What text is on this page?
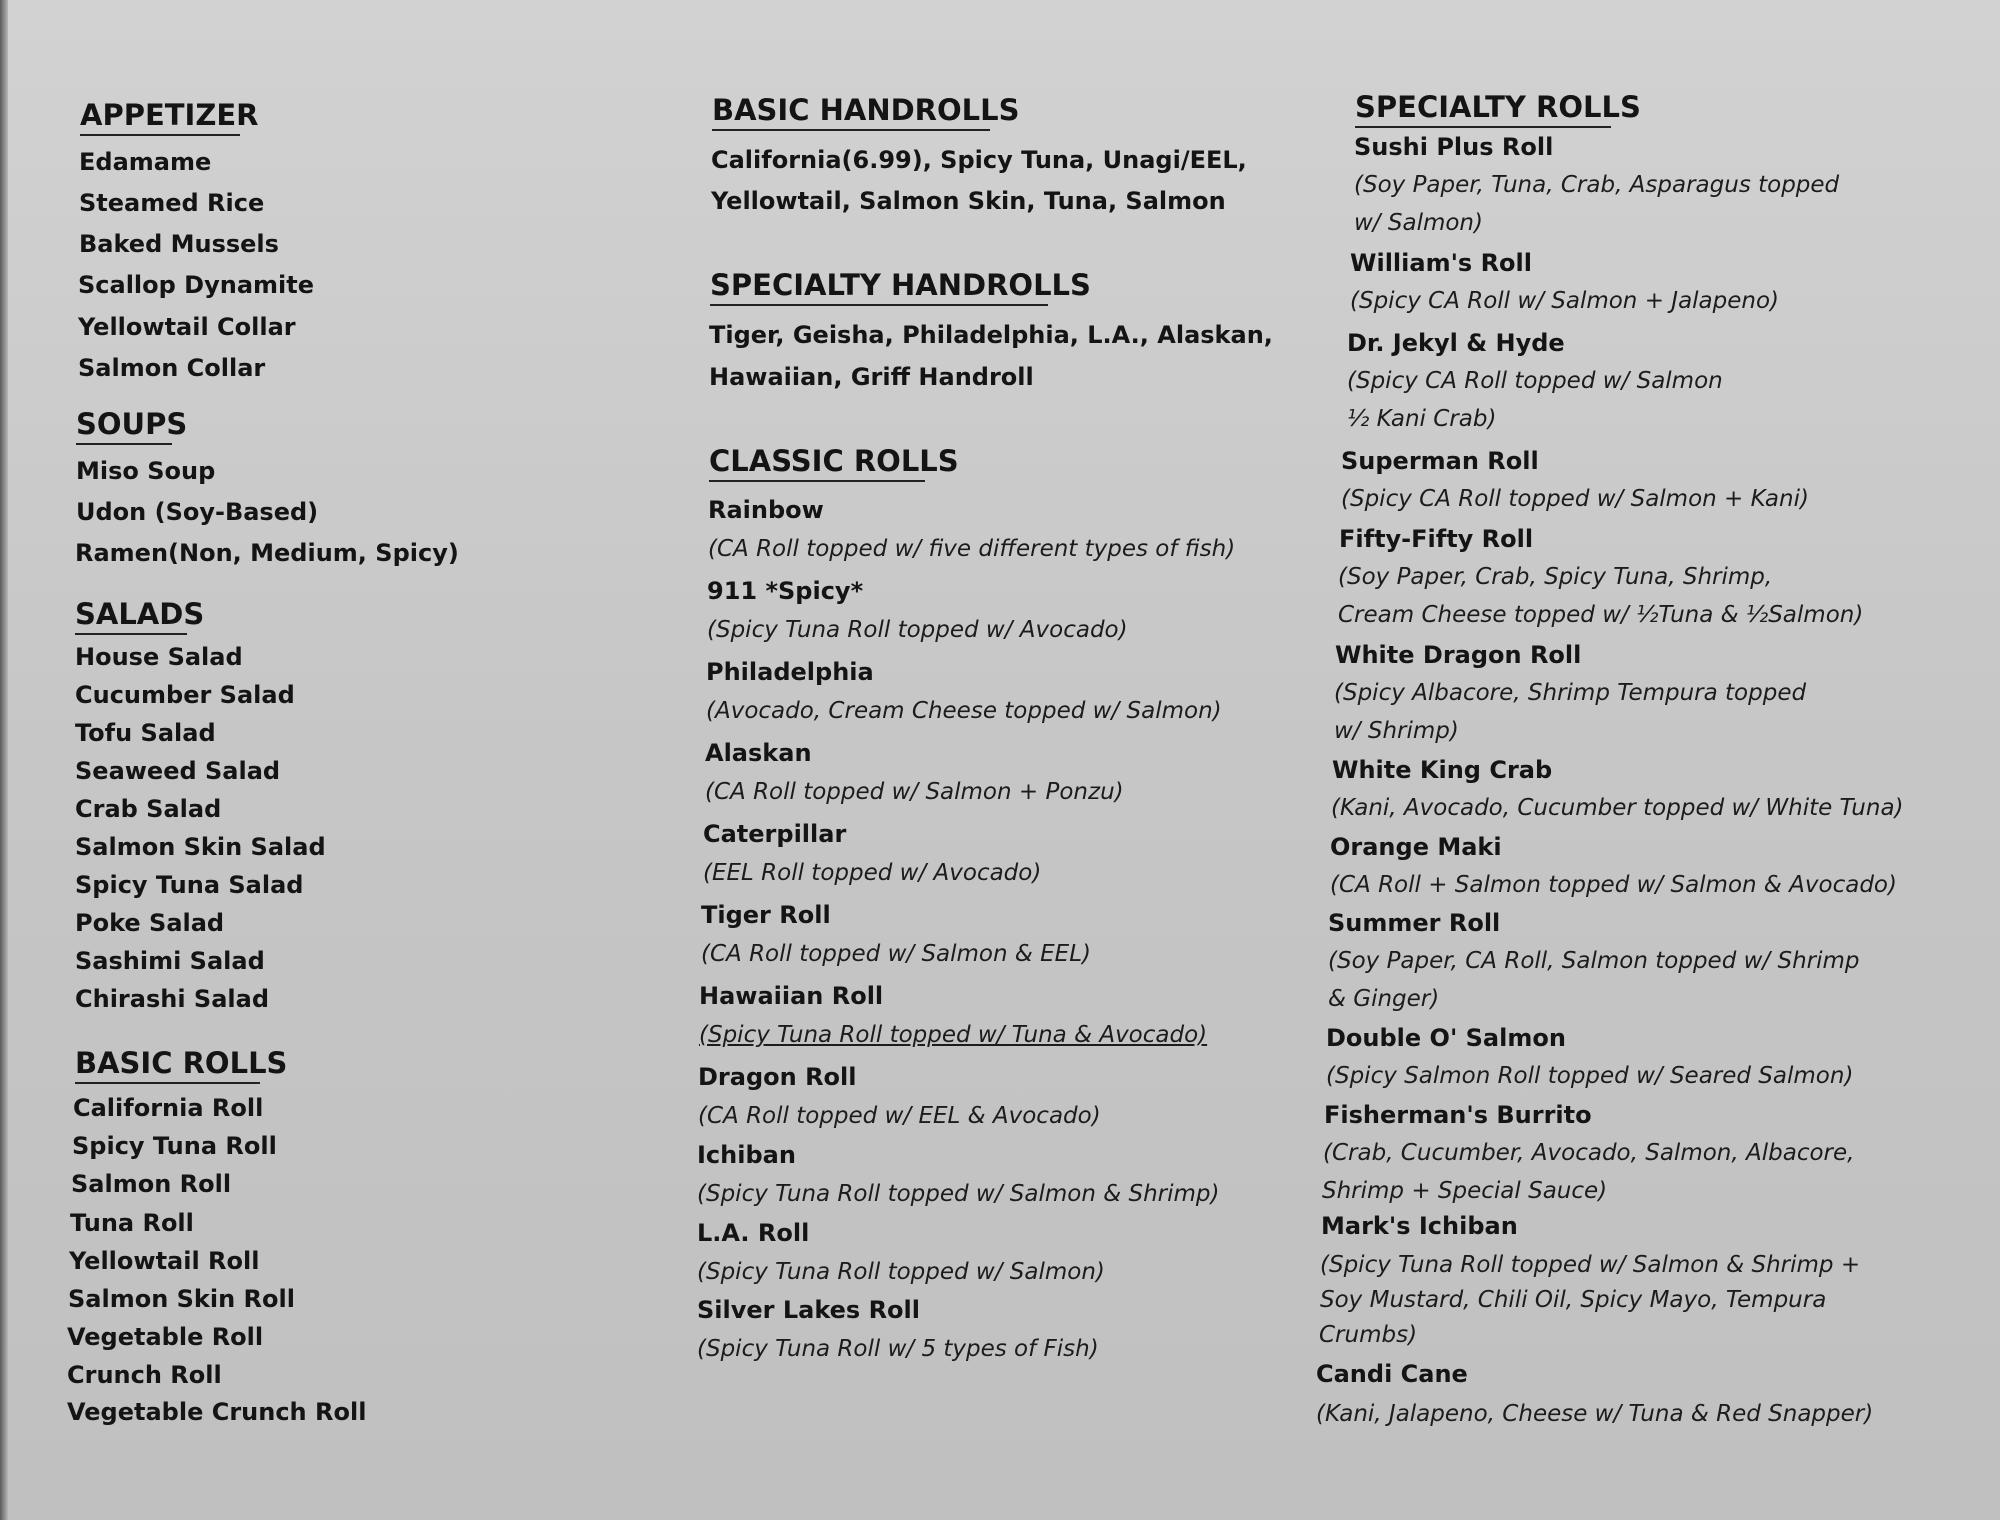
APPETIZER
Edamame
Steamed Rice
Baked Mussels
Scallop Dynamite
Yellowtail Collar
Salmon Collar
SOUPS
Miso Soup
Udon (Soy-Based)
Ramen(Non, Medium, Spicy)
SALADS
House Salad
Cucumber Salad
Tofu Salad
Seaweed Salad
Crab Salad
Salmon Skin Salad
Spicy Tuna Salad
Poke Salad
Sashimi Salad
Chirashi Salad
BASIC ROLLS
California Roll
Spicy Tuna Roll
Salmon Roll
Tuna Roll
Yellowtail Roll
Salmon Skin Roll
Vegetable Roll
Crunch Roll
Vegetable Crunch Roll
BASIC HANDROLLS
California(6.99), Spicy Tuna, Unagi/EEL,
Yellowtail, Salmon Skin, Tuna, Salmon
SPECIALTY HANDROLLS
Tiger, Geisha, Philadelphia, L.A., Alaskan,
Hawaiian, Griff Handroll
CLASSIC ROLLS
Rainbow
(CA Roll topped w/ five different types of fish)
911 *Spicy*
(Spicy Tuna Roll topped w/ Avocado)
Philadelphia
(Avocado, Cream Cheese topped w/ Salmon)
Alaskan
(CA Roll topped w/ Salmon + Ponzu)
Caterpillar
(EEL Roll topped w/ Avocado)
Tiger Roll
(CA Roll topped w/ Salmon & EEL)
Hawaiian Roll
(Spicy Tuna Roll topped w/ Tuna & Avocado)
Dragon Roll
(CA Roll topped w/ EEL & Avocado)
Ichiban
(Spicy Tuna Roll topped w/ Salmon & Shrimp)
L.A. Roll
(Spicy Tuna Roll topped w/ Salmon)
Silver Lakes Roll
(Spicy Tuna Roll w/ 5 types of Fish)
SPECIALTY ROLLS
Sushi Plus Roll
(Soy Paper, Tuna, Crab, Asparagus topped
w/ Salmon)
William's Roll
(Spicy CA Roll w/ Salmon + Jalapeno)
Dr. Jekyl & Hyde
(Spicy CA Roll topped w/ Salmon
½ Kani Crab)
Superman Roll
(Spicy CA Roll topped w/ Salmon + Kani)
Fifty-Fifty Roll
(Soy Paper, Crab, Spicy Tuna, Shrimp,
Cream Cheese topped w/ ½Tuna & ½Salmon)
White Dragon Roll
(Spicy Albacore, Shrimp Tempura topped
w/ Shrimp)
White King Crab
(Kani, Avocado, Cucumber topped w/ White Tuna)
Orange Maki
(CA Roll + Salmon topped w/ Salmon & Avocado)
Summer Roll
(Soy Paper, CA Roll, Salmon topped w/ Shrimp
& Ginger)
Double O' Salmon
(Spicy Salmon Roll topped w/ Seared Salmon)
Fisherman's Burrito
(Crab, Cucumber, Avocado, Salmon, Albacore,
Shrimp + Special Sauce)
Mark's Ichiban
(Spicy Tuna Roll topped w/ Salmon & Shrimp +
Soy Mustard, Chili Oil, Spicy Mayo, Tempura
Crumbs)
Candi Cane
(Kani, Jalapeno, Cheese w/ Tuna & Red Snapper)
